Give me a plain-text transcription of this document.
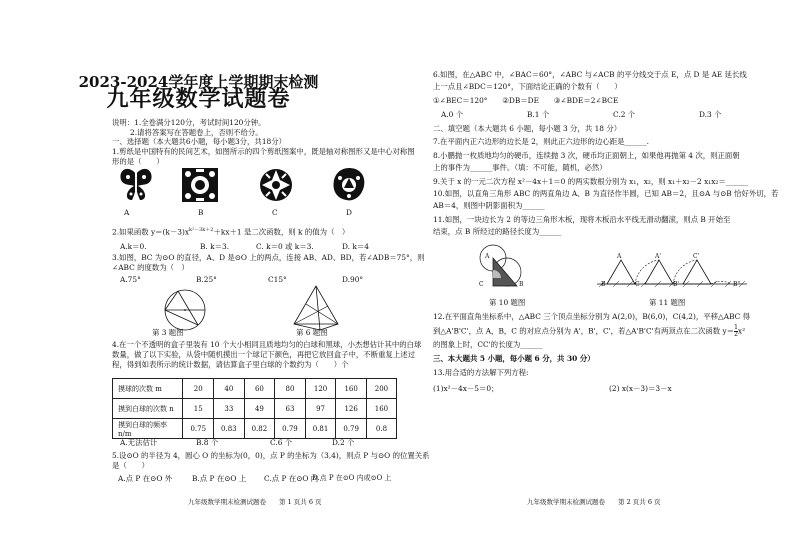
2023-2024学年度上学期期末检测
九年级数学试题卷
说明：1.全卷满分120分，考试时间120分钟。
2.请将答案写在答题卷上，否则不给分。
一、选择题（本大题共6小题，每小题3分，共18分）
1.剪纸是中国特有的民间艺术，如图所示的四个剪纸图案中，既是轴对称图形又是中心对称图
形的是（　　）
A	B	C	D
2.如果函数 $y=(k-3)x^{k^2-3k+2}+kx+1$ 是二次函数，则 k 的值为（　）
A.k＝0.	B. k＝3.	C. k＝0 或 k＝3.	D. k＝4
3.如图，BC 为⊙O 的直径，A、D 是⊙O 上的两点，连接 AB、AD、BD，若∠ADB＝75°，则
∠ABC 的度数为（　）
A.75°	B.25°	C15°	D.90°
第 3 题图	第 6 题图
4.在一个不透明的盒子里装有 10 个大小相同且质地均匀的白球和黑球，小杰想估计其中的白球
数量，做了以下实验，从袋中随机摸出一个球记下颜色，再把它放回盒子中，不断重复上述过
程，得到如表所示的统计数据，请估算盒子里白球的个数约为（　　）个
摸球的次数 m	20	40	60	80	120	160	200
摸到白球的次数 n	15	33	49	63	97	126	160
摸到白球的频率 n/m	0.75	0.83	0.82	0.79	0.81	0.79	0.8
A.无法估计	B.8 个	C.6 个	D.2 个
5.设⊙O 的半径为 4，圆心 O 的坐标为(0，0)，点 P 的坐标为（3,4)，则点 P 与⊙O 的位置关系
是（　　）
A.点 P 在⊙O 外	B.点 P 在⊙O 上 C.点 P 在⊙O 内
D.点 P 在⊙O 内或⊙O 上
九年级数学期末检测试题卷　　第 1 页共 6 页
6.如图，在△ABC 中，∠BAC＝60°，∠ABC 与∠ACB 的平分线交于点 E，点 D 是 AE 延长线
上一点且∠BDC＝120°，下面结论正确的个数有（　　）
①∠BEC＝120°　　②DB＝DE　　③∠BDE＝2∠BCE
A.0 个	B.1 个	C.2 个	D.3 个
二、填空题（本大题共 6 小题，每小题 3 分，共 18 分）
7.在平面内正六边形的边长是 2，则此正六边形的边心距是______.
8.小鹏抛一枚质地均匀的硬币，连续抛 3 次，硬币均正面朝上，如果他再抛第 4 次，则正面朝
上的事件为______事件。（填：不可能，随机，必然）
9.关于 x 的一元二次方程 x²－4x＋1＝0 的两实数根分别为 x₁，x₂，则 x₁＋x₂－2 x₁x₂＝______
10.如图，以直角三角形 ABC 的两直角边 A、B 为直径作半圆，已知 AB＝2，且⊙A 与⊙B 恰好外切，若
AB＝4，则图中阴影面积为______
11.如图，一块边长为 2 的等边三角形木板，现将木板沿水平线无滑动翻滚，则点 B 开始至
结束，点 B 所经过的路径长度为______
A
C	B
第 10 题图
A
B	C
A'
B'
C'
B''
第 11 题图
12.在平面直角坐标系中，△ABC 三个顶点坐标分别为 A(2,0)，B(6,0)，C(4,2)，平移△ABC 得
到△A'B'C'，点 A，B，C 的对应点分别为 A'，B'，C'，若△A'B'C'有两顶点在二次函数 $y= \frac{1}{2} x^2$
的图象上时，CC'的长度为______
三、本大题共 5 小题，每小题 6 分，共 30 分）
13.用合适的方法解下列方程:
(1)x²－4x－5＝0；	(2) x(x－3)＝3－x
九年级数学期末检测试题卷　　第 2 页共 6 页
